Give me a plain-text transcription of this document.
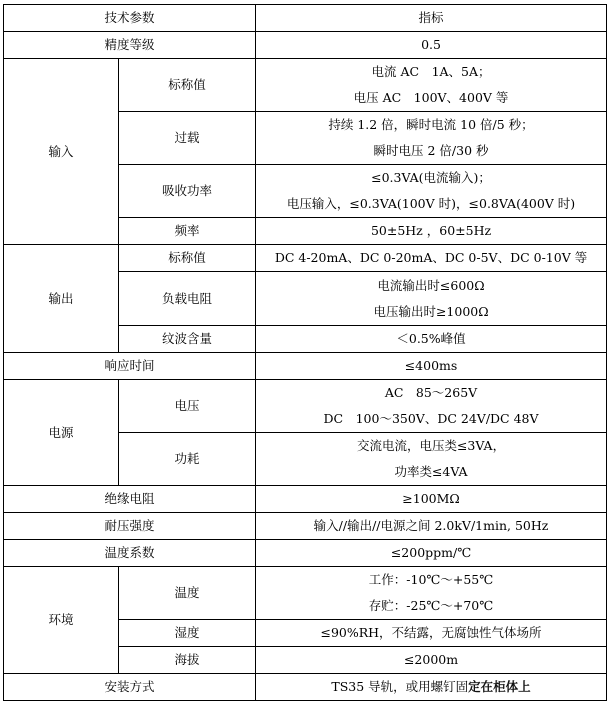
技术参数		指标
精度等级		0.5
输入	标称值	电流 AC　1A、5A；
电压 AC　100V、400V 等

	过载	持续 1.2 倍，瞬时电流 10 倍/5 秒；
瞬时电压 2 倍/30 秒

	吸收功率	≤0.3VA(电流输入)；
电压输入，≤0.3VA(100V 时)，≤0.8VA(400V 时)

	频率	50±5Hz ，60±5Hz
输出	标称值	DC 4-20mA、DC 0-20mA、DC 0-5V、DC 0-10V 等
	负载电阻	电流输出时≤600Ω
电压输出时≥1000Ω

	纹波含量	＜0.5%峰值
响应时间		≤400ms
电源	电压	AC　85～265V
DC　100～350V、DC 24V/DC 48V

	功耗	交流电流，电压类≤3VA，
功率类≤4VA

绝缘电阻		≥100MΩ
耐压强度		输入//输出//电源之间 2.0kV/1min, 50Hz
温度系数		≤200ppm/℃
环境	温度	工作：-10℃～+55℃
存贮：-25℃～+70℃

	湿度	≤90%RH，不结露，无腐蚀性气体场所
	海拔	≤2000m
安装方式		TS35 导轨，或用螺钉固定在柜体上
